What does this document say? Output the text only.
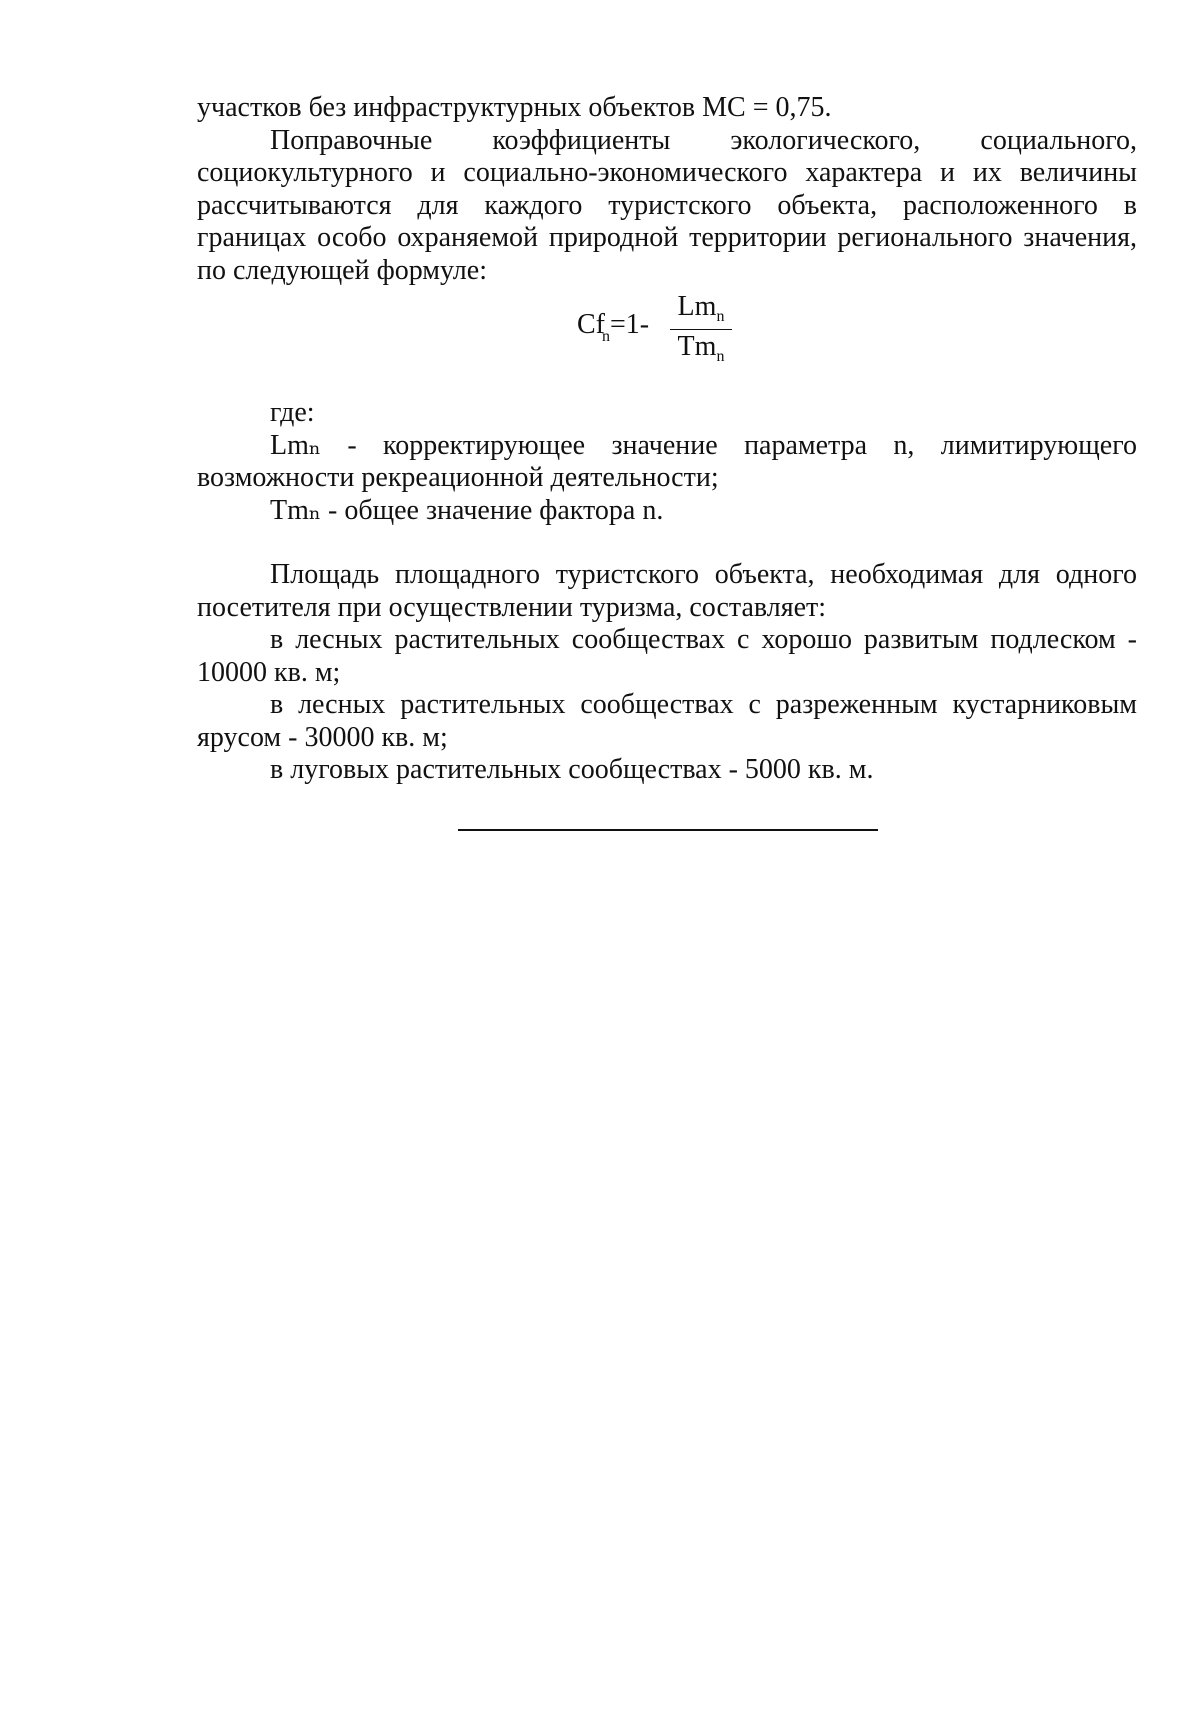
участков без инфраструктурных объектов МС = 0,75.

Поправочные коэффициенты экологического, социального,

социокультурного и социально-экономического характера и их величины рассчитываются для каждого туристского объекта, расположенного в границах особо охраняемой природной территории регионального значения, по следующей формуле:

$Cf_n=1-$
$Lm_n$
$Tm_n$

где:

Lmₙ - корректирующее значение параметра n, лимитирующего возможности рекреационной деятельности;

Tmₙ - общее значение фактора n.

Площадь площадного туристского объекта, необходимая для одного посетителя при осуществлении туризма, составляет:

в лесных растительных сообществах с хорошо развитым подлеском - 10000 кв. м;

в лесных растительных сообществах с разреженным кустарниковым ярусом - 30000 кв. м;

в луговых растительных сообществах - 5000 кв. м.
